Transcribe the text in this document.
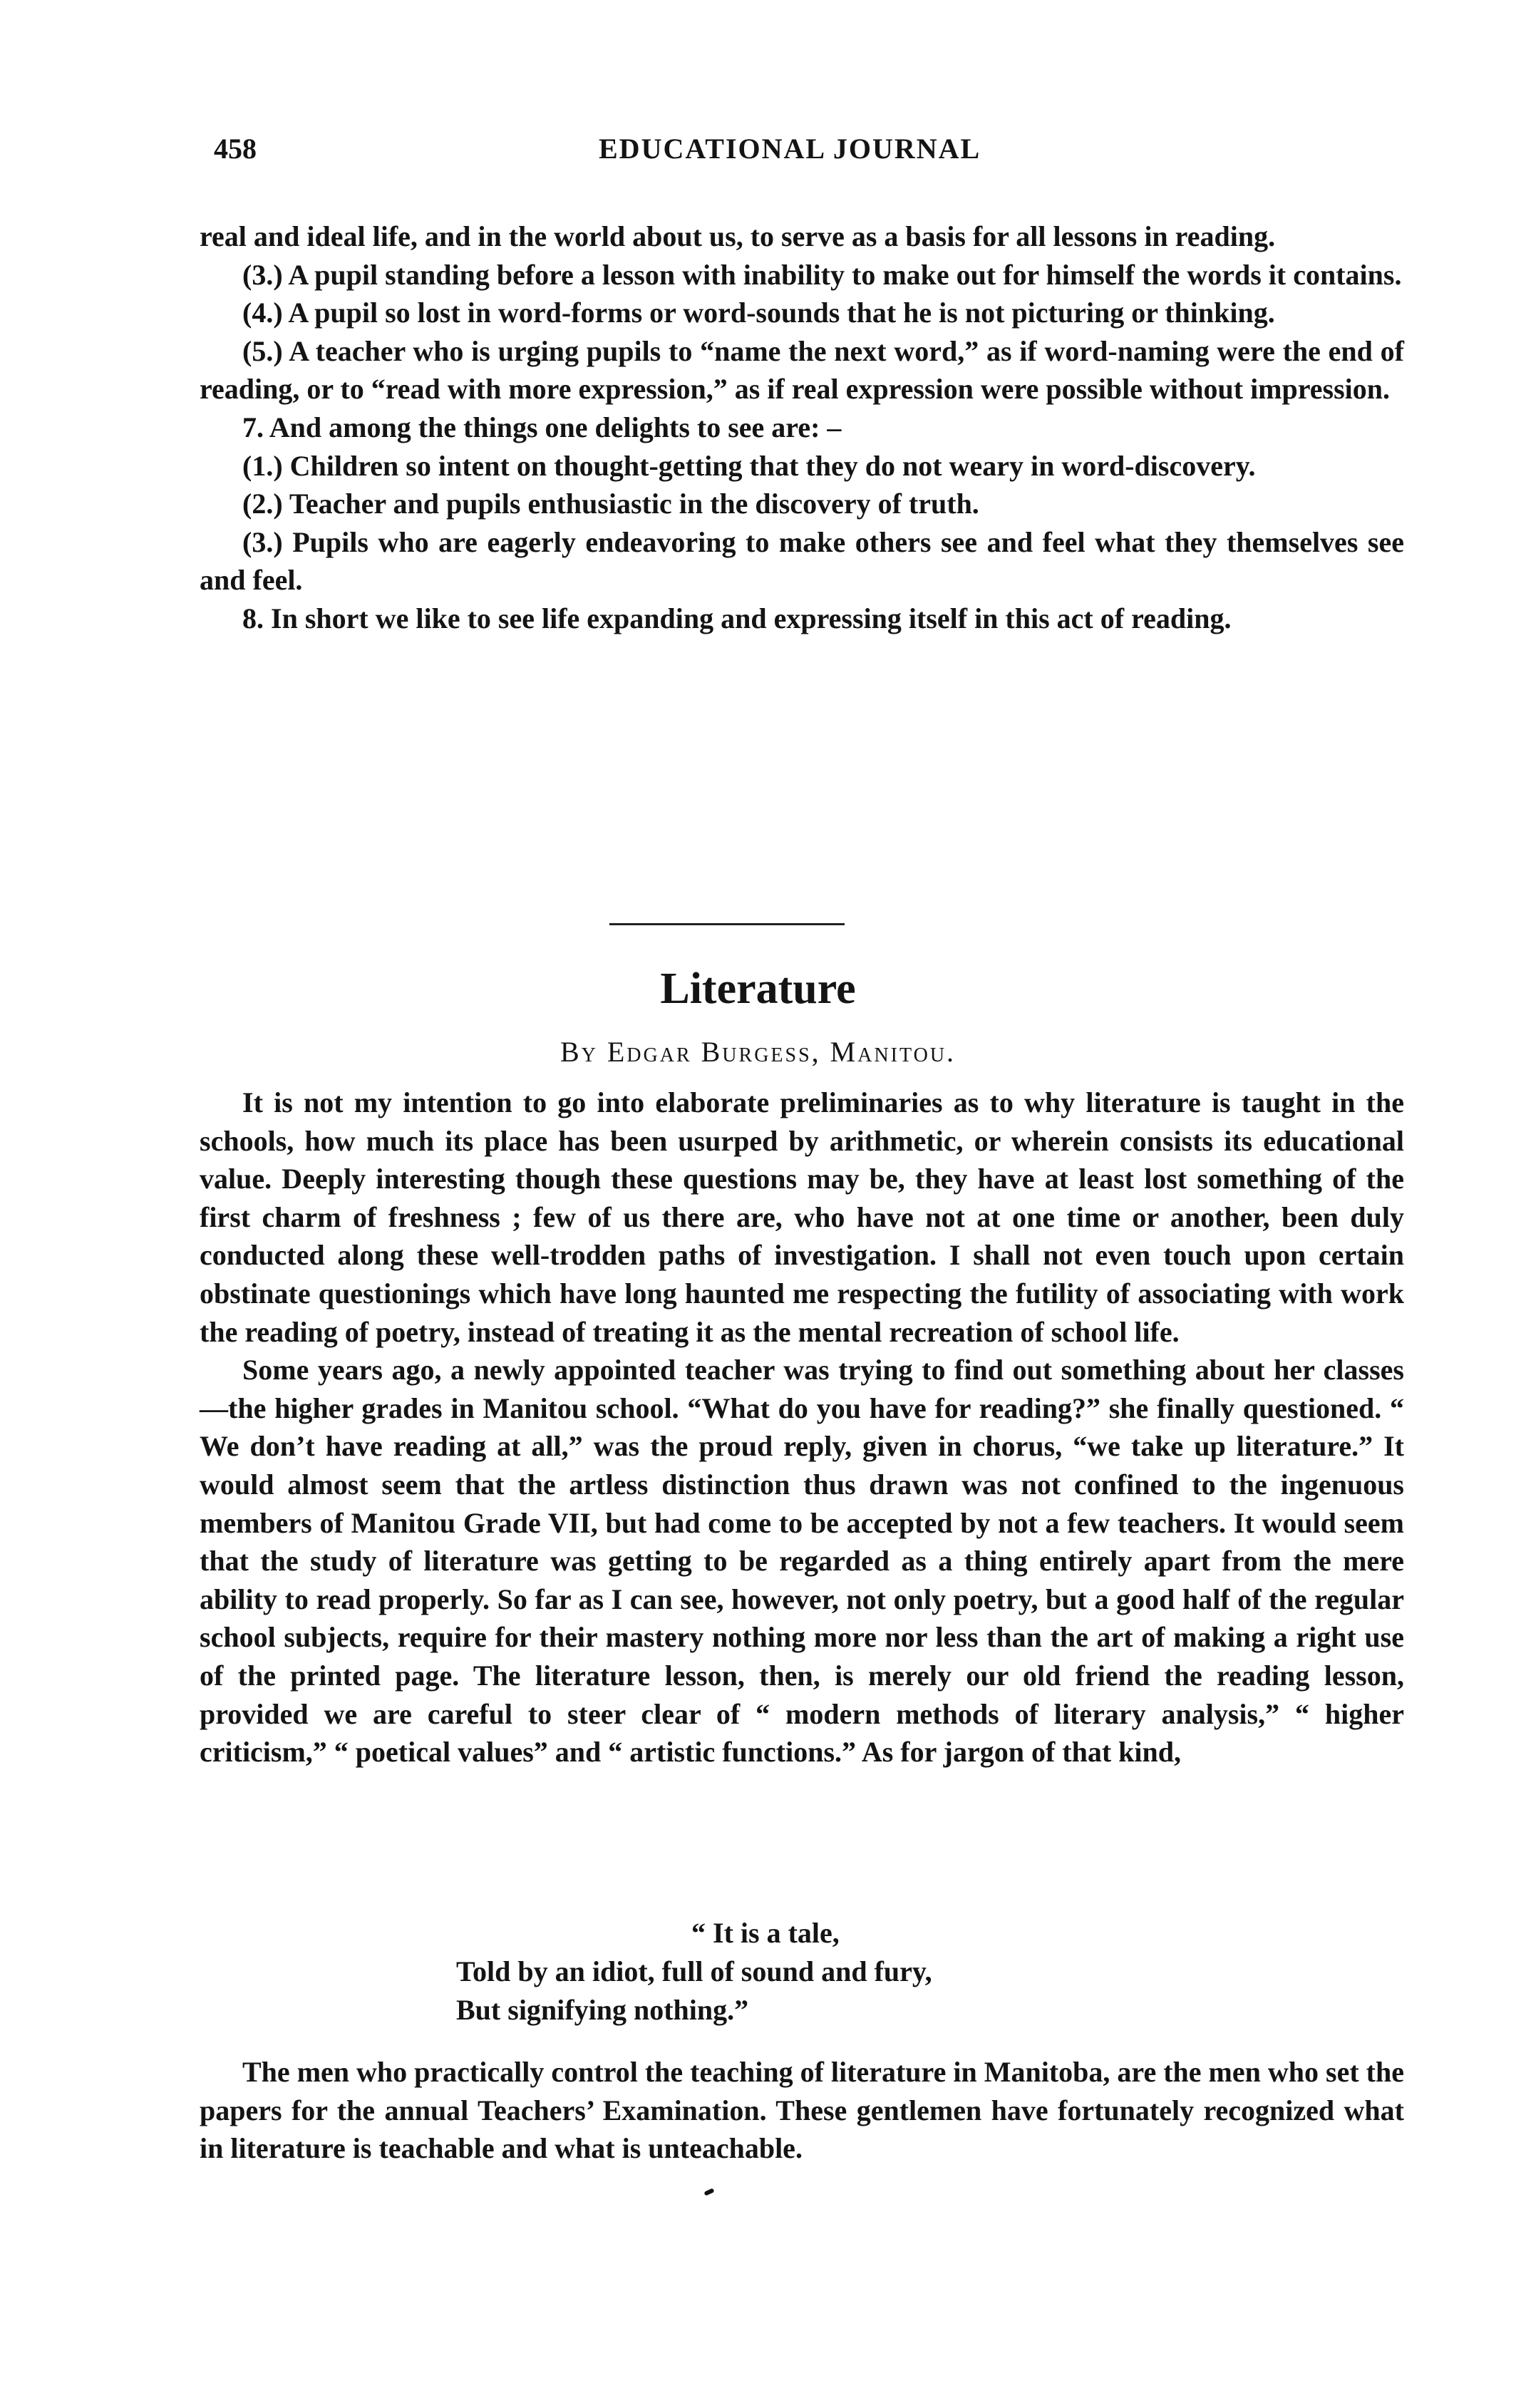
458	EDUCATIONAL JOURNAL

real and ideal life, and in the world about us, to serve as a basis for all lessons in reading.

(3.) A pupil standing before a lesson with inability to make out for himself the words it contains.

(4.) A pupil so lost in word-forms or word-sounds that he is not picturing or thinking.

(5.) A teacher who is urging pupils to “name the next word,” as if word-naming were the end of reading, or to “read with more expression,” as if real expression were possible without impression.

7. And among the things one delights to see are: –

(1.) Children so intent on thought-getting that they do not weary in word-discovery.

(2.) Teacher and pupils enthusiastic in the discovery of truth.

(3.) Pupils who are eagerly endeavoring to make others see and feel what they themselves see and feel.

8. In short we like to see life expanding and expressing itself in this act of reading.

Literature
By Edgar Burgess, Manitou.

It is not my intention to go into elaborate preliminaries as to why literature is taught in the schools, how much its place has been usurped by arithmetic, or wherein consists its educational value. Deeply interesting though these questions may be, they have at least lost something of the first charm of freshness ; few of us there are, who have not at one time or another, been duly conducted along these well-trodden paths of investigation. I shall not even touch upon certain obstinate questionings which have long haunted me respecting the futility of associating with work the reading of poetry, instead of treating it as the mental recreation of school life.

Some years ago, a newly appointed teacher was trying to find out something about her classes—the higher grades in Manitou school. “What do you have for reading?” she finally questioned. “ We don’t have reading at all,” was the proud reply, given in chorus, “we take up literature.” It would almost seem that the artless distinction thus drawn was not confined to the ingenuous members of Manitou Grade VII, but had come to be accepted by not a few teachers. It would seem that the study of literature was getting to be regarded as a thing entirely apart from the mere ability to read properly. So far as I can see, however, not only poetry, but a good half of the regular school subjects, require for their mastery nothing more nor less than the art of making a right use of the printed page. The literature lesson, then, is merely our old friend the reading lesson, provided we are careful to steer clear of “ modern methods of literary analysis,” “ higher criticism,” “ poetical values” and “ artistic functions.” As for jargon of that kind,

“ It is a tale,
Told by an idiot, full of sound and fury,
But signifying nothing.”

The men who practically control the teaching of literature in Manitoba, are the men who set the papers for the annual Teachers’ Examination. These gentlemen have fortunately recognized what in literature is teachable and what is unteachable.
